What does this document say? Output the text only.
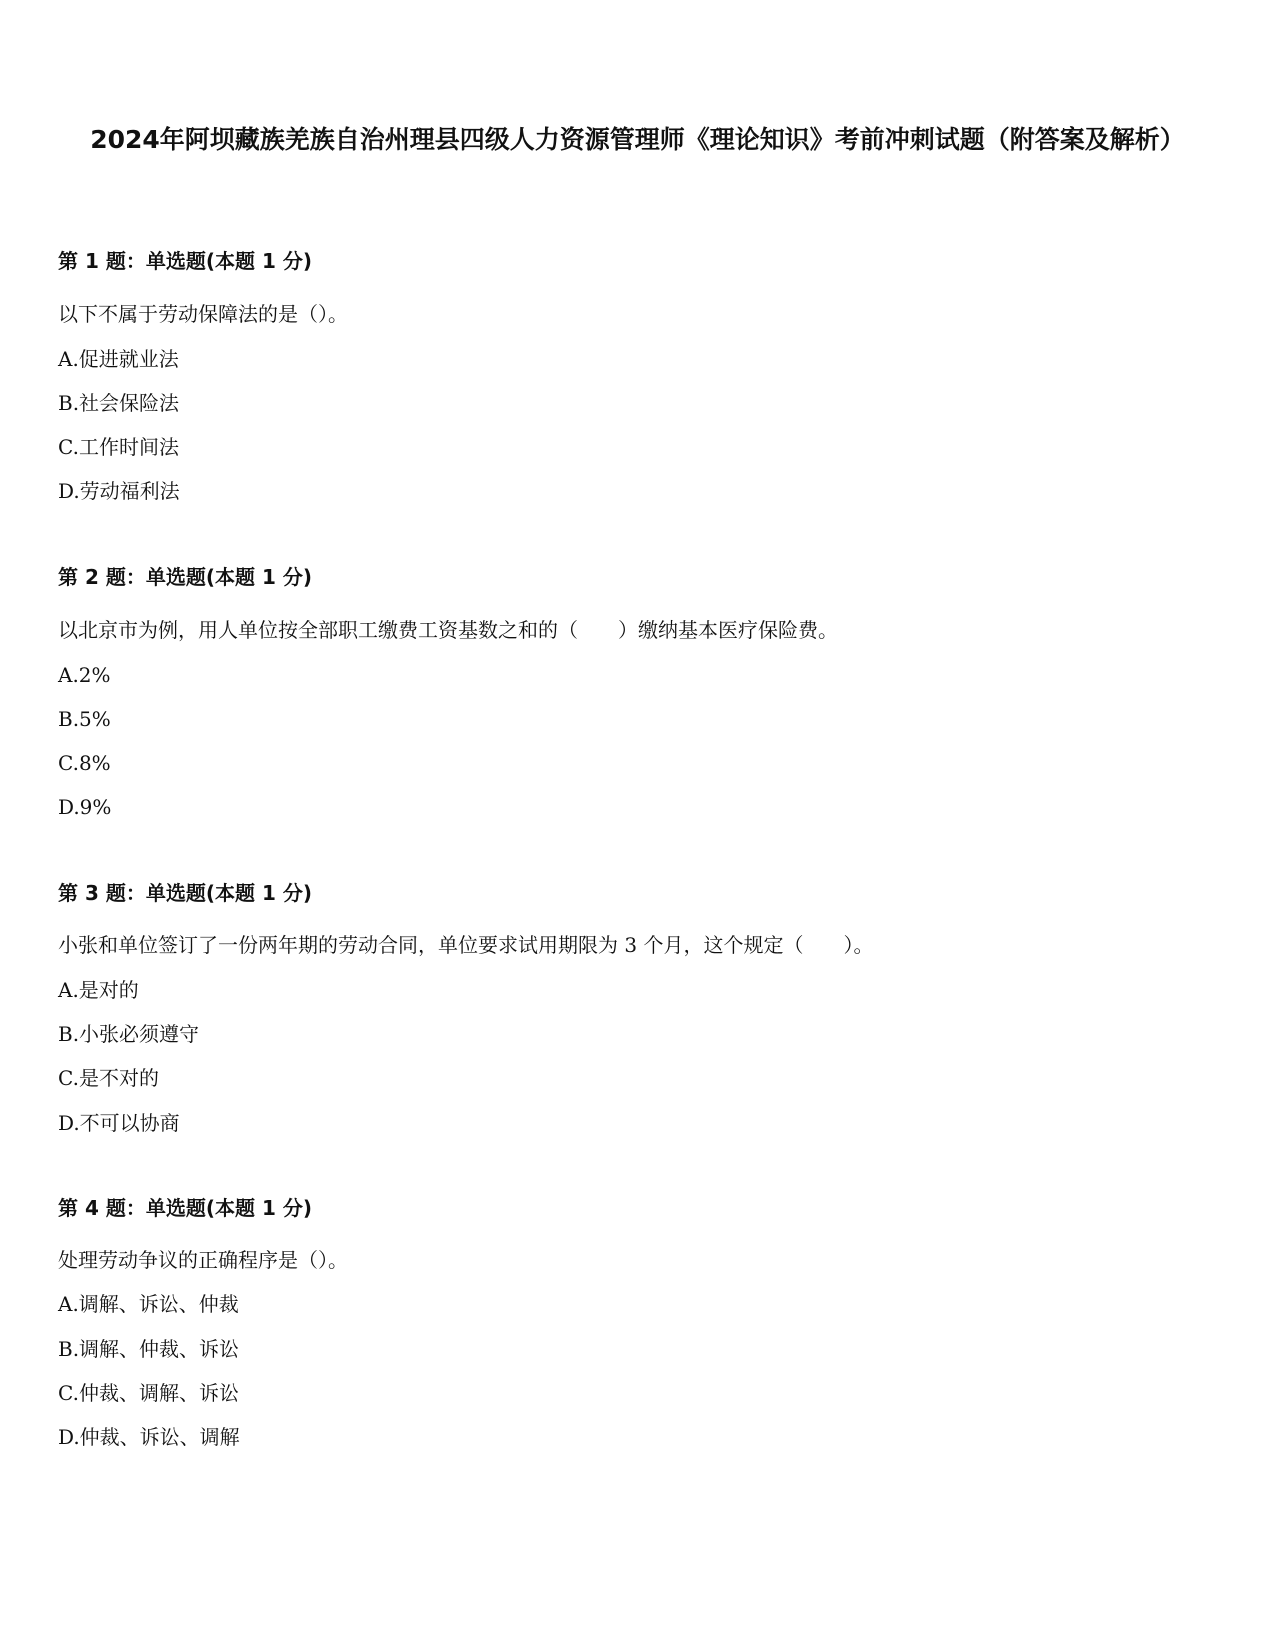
2024年阿坝藏族羌族自治州理县四级人力资源管理师《理论知识》考前冲刺试题（附答案及解析）

第 1 题：单选题(本题 1 分)

以下不属于劳动保障法的是（）。

A.促进就业法

B.社会保险法

C.工作时间法

D.劳动福利法

第 2 题：单选题(本题 1 分)

以北京市为例，用人单位按全部职工缴费工资基数之和的（　　）缴纳基本医疗保险费。

A.2%

B.5%

C.8%

D.9%

第 3 题：单选题(本题 1 分)

小张和单位签订了一份两年期的劳动合同，单位要求试用期限为 3 个月，这个规定（　　）。

A.是对的

B.小张必须遵守

C.是不对的

D.不可以协商

第 4 题：单选题(本题 1 分)

处理劳动争议的正确程序是（）。

A.调解、诉讼、仲裁

B.调解、仲裁、诉讼

C.仲裁、调解、诉讼

D.仲裁、诉讼、调解
